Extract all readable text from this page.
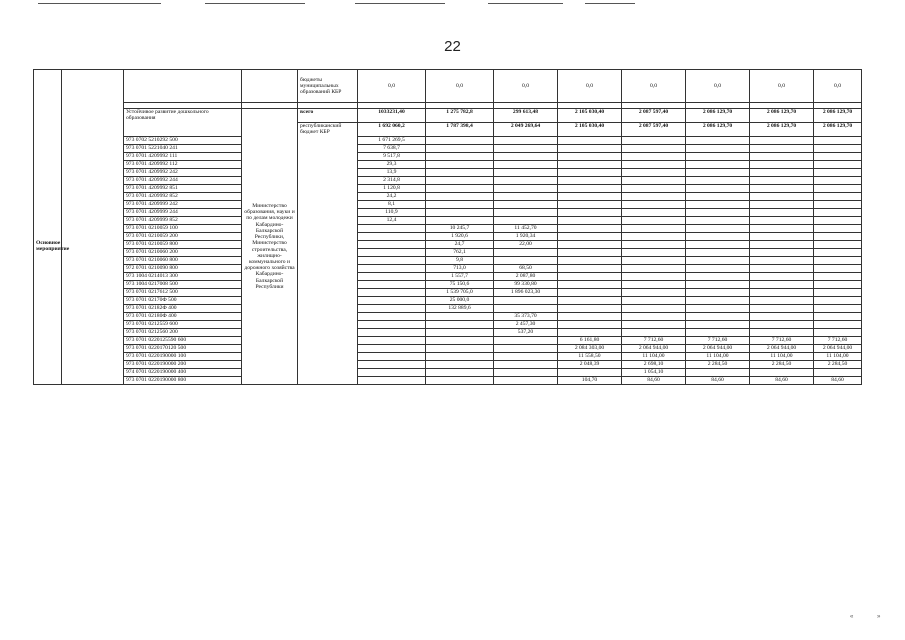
22
				бюджеты муниципальных образований КБР	0,0	0,0	0,0	0,0	0,0	0,0	0,0	0,0

Основное мероприятие		Устойчивое развитие дошкольного образования	Министерство образования, науки и по делам молодежи Кабардино-Балкарской Республики, Министерство строительства, жилищно-коммунального и дорожного хозяйства Кабардино-Балкарской Республики	всего	1033231,40	1 275 782,8	299 613,48	2 105 030,40	2 087 597,40	2 086 129,70	2 086 129,70	2 086 129,70
				республиканский бюджет КБР	1 692 060,2	1 787 398,4	2 049 269,64	2 105 030,40	2 087 597,40	2 086 129,70	2 086 129,70	2 086 129,70
		973 0702 5210292 500			1 671 269,5							
		973 0701 5221040 241			7 638,7							
		973 0701 4209992 111			9 517,8							
		973 0701 4209992 112			29,3							
		973 0701 4209992 242			13,9							
		973 0701 4209992 244			2 314,8							
		973 0701 4209992 851			1 120,8							
		973 0701 4209992 852			24,2							
		973 0701 4209999 242			8,1							
		973 0701 4209999 244			110,9							
		973 0701 4209999 852			12,4							
		973 0701 0210059 100				10 245,7	11 452,70					
		973 0701 0210059 200				1 920,6	1 920,34					
		973 0701 0210059 800				24,7	22,00					
		973 0701 0210060 200				762,1						
		973 0701 0210060 800				9,8						
		972 0701 0210090 800				713,0	68,50					
		973 1004 0214013 300				1 557,7	2 087,80					
		973 1004 0217008 500				75 150,6	99 330,80					
		973 0701 0217612 500				1 539 705,0	1 896 023,30					
		973 0701 02170Ф 500				25 000,0						
		973 0701 02182Ф 400				132 889,6						
		973 0701 02180Ф 400					35 373,70					
		973 0701 0212559 600					2 457,30					
		973 0701 0212560 200					537,20					
		973 0701 0220125590 600						6 161,80	7 712,60	7 712,60	7 712,60	7 712,60
		973 0701 0220170120 500						2 084 303,00	2 064 944,00	2 064 944,00	2 064 944,00	2 064 944,00
		973 0701 0220190000 100						11 558,50	11 104,00	11 104,00	11 104,00	11 104,00
		973 0701 0220190000 200						2 048,39	2 698,10	2 284,50	2 284,50	2 284,50
		974 0701 0220190000 400							1 054,10			
		973 0701 0220190000 800						104,70	84,60	84,60	84,60	84,60
«	»
